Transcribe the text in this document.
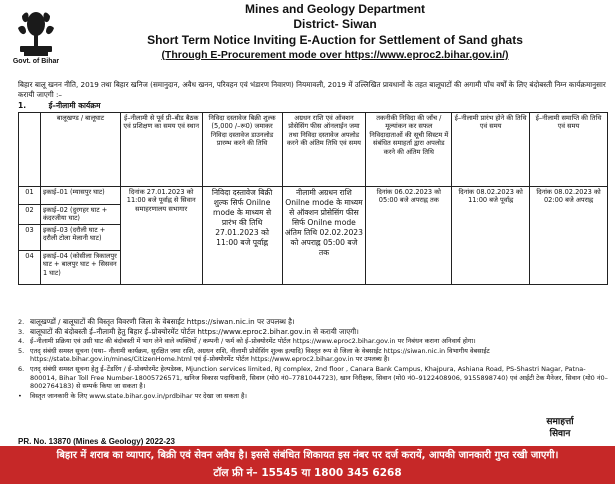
Govt. of Bihar
Mines and Geology Department
District- Siwan
Short Term Notice Inviting E-Auction for Settlement of Sand ghats
(Through E-Procurement mode over https://www.eproc2.bihar.gov.in/)
बिहार बालू खनन नीति, 2019 तथा बिहार खनिज (समानुदान, अवैध खनन, परिवहन एवं भंडारण निवारण) नियमावली, 2019 में उल्लिखित प्रावधानों के तहत बालूघाटों की अगामी पाँच वर्षों के लिए बंदोबस्ती निम्न कार्यक्रमानुसार करायी जाएगी :–
1.	ई–नीलामी कार्यक्रम
	बालूखण्ड / बालूघाट	ई–नीलामी से पूर्व प्री–बीड बैठक एवं प्रशिक्षण का समय एवं स्थान	निविदा दस्तावेज बिक्री शुल्क (5,000 /–रू0) जमाकर निविदा दस्तावेज डाउनलोड प्रारम्भ करने की तिथि	अग्रधन राशि एवं ऑक्शन प्रोसेसिंग फीस ऑनलाईन जमा तथा निविदा दस्तावेज अपलोड करने की अंतिम तिथि एवं समय	तकनीकी निविदा की जाँच / मूल्यांकन कर सफल निविदादाताओं की सूची सिस्टम में संबंधित समाहर्ता द्वारा अपलोड करने की अंतिम तिथि	ई–नीलामी प्रारंभ होने की तिथि एवं समय	ई–नीलामी समाप्ति की तिथि एवं समय
01	इकाई–01 (म्यासपुर घाट)	दिनांक 27.01.2023 को 11:00 बजे पूर्वाह्न से सिवान समाहरणालय सभागार	निविदा दस्तावेज बिक्री शुल्क सिर्फ Onilne mode के माध्यम से प्रारंभ की तिथि 27.01.2023 को 11:00 बजे पूर्वाह्न	नीलामी अग्रधन राशि Onilne mode के माध्यम से ऑक्शन प्रोसेसिंग फीस सिर्फ Onilne mode अंतिम तिथि 02.02.2023 को अपराह्न 05:00 बजे तक	दिनांक 06.02.2023 को 05:00 बजे अपराह्न तक	दिनांक 08.02.2023 को 11:00 बजे पूर्वाह्न	दिनांक 08.02.2023 को 02:00 बजे अपराह्न
02	इकाई–02 (दुरगहर घाट + कंदरजीया घाट)						
03	इकाई–03 (दरौली घाट + दरौली टोला मेलानी घाट)						
04	इकाई–04 (कोसीला त्रिकालपुर घाट + बालपुर घाट + सिसवन 1 घाट)						
2. बालूखण्डों / बालूघाटों की विस्तृत विवरणी जिला के वेबसाईट https://siwan.nic.in पर उपलब्ध है।
3. बालूघाटों की बंदोबस्ती ई–नीलामी हेतु बिहार ई–प्रोक्योरमेंट पोर्टल https://www.eproc2.bihar.gov.in से करायी जाएगी।
4. ई–नीलामी प्रक्रिया एवं उसी घाट की बंदोबस्ती में भाग लेने वाले व्यक्तियों / कम्पनी / फर्म को ई–प्रोक्योरमेंट पोर्टल https://www.eproc2.bihar.gov.in पर निबंधन कराना अनिवार्य होगा।
5. एतद् संबंधी समस्त सूचना (यथा– नीलामी कार्यक्रम, सुरक्षित जमा राशि, अग्रधन राशि, नीलामी प्रोसेसिंग शुल्क इत्यादि) विस्तृत रूप से जिला के वेबसाईट https://siwan.nic.in विभागीय वेबसाईट https://state.bihar.gov.in/mines/CitizenHome.html एवं ई–प्रोक्योरमेंट पोर्टल https://www.eproc2.bihar.gov.in पर उपलब्ध है।
6. एतद् संबंधी समस्त सूचना हेतु ई–टेंडरिंग / ई–प्रोक्योरमेंट हेल्पडेस्क, Mjunction services limited, RJ complex, 2nd floor , Canara Bank Campus, Khajpura, Ashiana Road, PS-Shastri Nagar, Patna-800014, Bihar Toll Free Number-18005726571, खनिज विकास पदाधिकारी, सिवान (मो0 नं0–7781044723), खान निरीक्षक, सिवान (मो0 नं0–9122408906, 9155898740) एवं आईटी टेक मैनेजर, सिवान (मो0 नं0–8002764183) से सम्पर्क किया जा सकता है।
•	विस्तृत जानकारी के लिए www.state.bihar.gov.in/prdbihar पर देखा जा सकता है।
PR. No. 13870 (Mines & Geology) 2022-23
समाहर्त्ता
सिवान
बिहार में शराब का व्यापार, बिक्री एवं सेवन अवैध है। इससे संबंधित शिकायत इस नंबर पर दर्ज करायें, आपकी जानकारी गुप्त रखी जाएगी।
टॉल फ्री नं– 15545 या 1800 345 6268
